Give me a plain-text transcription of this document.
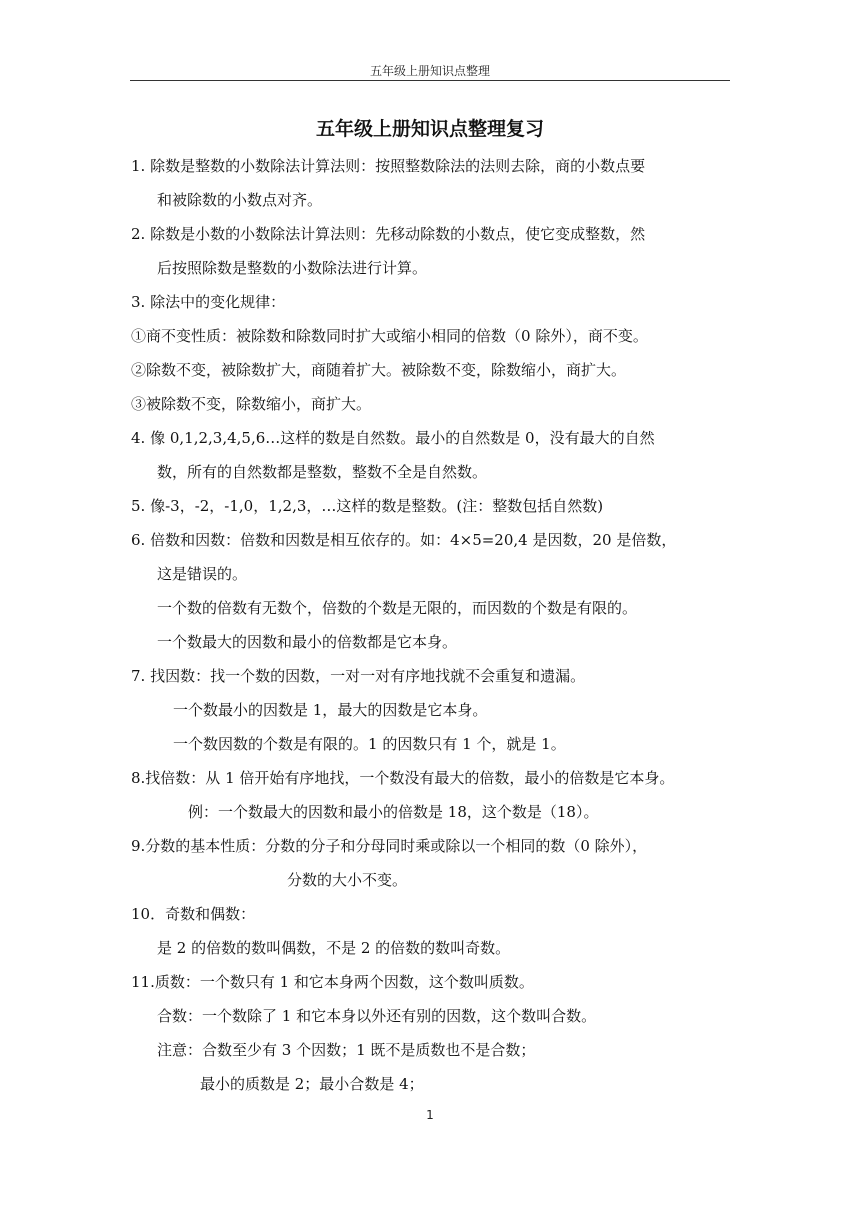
五年级上册知识点整理
五年级上册知识点整理复习
1. 除数是整数的小数除法计算法则：按照整数除法的法则去除，商的小数点要
和被除数的小数点对齐。
2. 除数是小数的小数除法计算法则：先移动除数的小数点，使它变成整数，然
后按照除数是整数的小数除法进行计算。
3. 除法中的变化规律：
①商不变性质：被除数和除数同时扩大或缩小相同的倍数（0 除外），商不变。
②除数不变，被除数扩大，商随着扩大。被除数不变，除数缩小，商扩大。
③被除数不变，除数缩小，商扩大。
4. 像 0,1,2,3,4,5,6…这样的数是自然数。最小的自然数是 0，没有最大的自然
数，所有的自然数都是整数，整数不全是自然数。
5. 像-3，-2，-1,0，1,2,3，…这样的数是整数。(注：整数包括自然数)
6. 倍数和因数：倍数和因数是相互依存的。如：4×5=20,4 是因数，20 是倍数，
这是错误的。
一个数的倍数有无数个，倍数的个数是无限的，而因数的个数是有限的。
一个数最大的因数和最小的倍数都是它本身。
7. 找因数：找一个数的因数，一对一对有序地找就不会重复和遗漏。
一个数最小的因数是 1，最大的因数是它本身。
一个数因数的个数是有限的。1 的因数只有 1 个，就是 1。
8.找倍数：从 1 倍开始有序地找，一个数没有最大的倍数，最小的倍数是它本身。
例：一个数最大的因数和最小的倍数是 18，这个数是（18）。
9.分数的基本性质：分数的分子和分母同时乘或除以一个相同的数（0 除外），
分数的大小不变。
10．奇数和偶数：
是 2 的倍数的数叫偶数，不是 2 的倍数的数叫奇数。
11.质数：一个数只有 1 和它本身两个因数，这个数叫质数。
合数：一个数除了 1 和它本身以外还有别的因数，这个数叫合数。
注意：合数至少有 3 个因数；1 既不是质数也不是合数；
最小的质数是 2；最小合数是 4；
1
